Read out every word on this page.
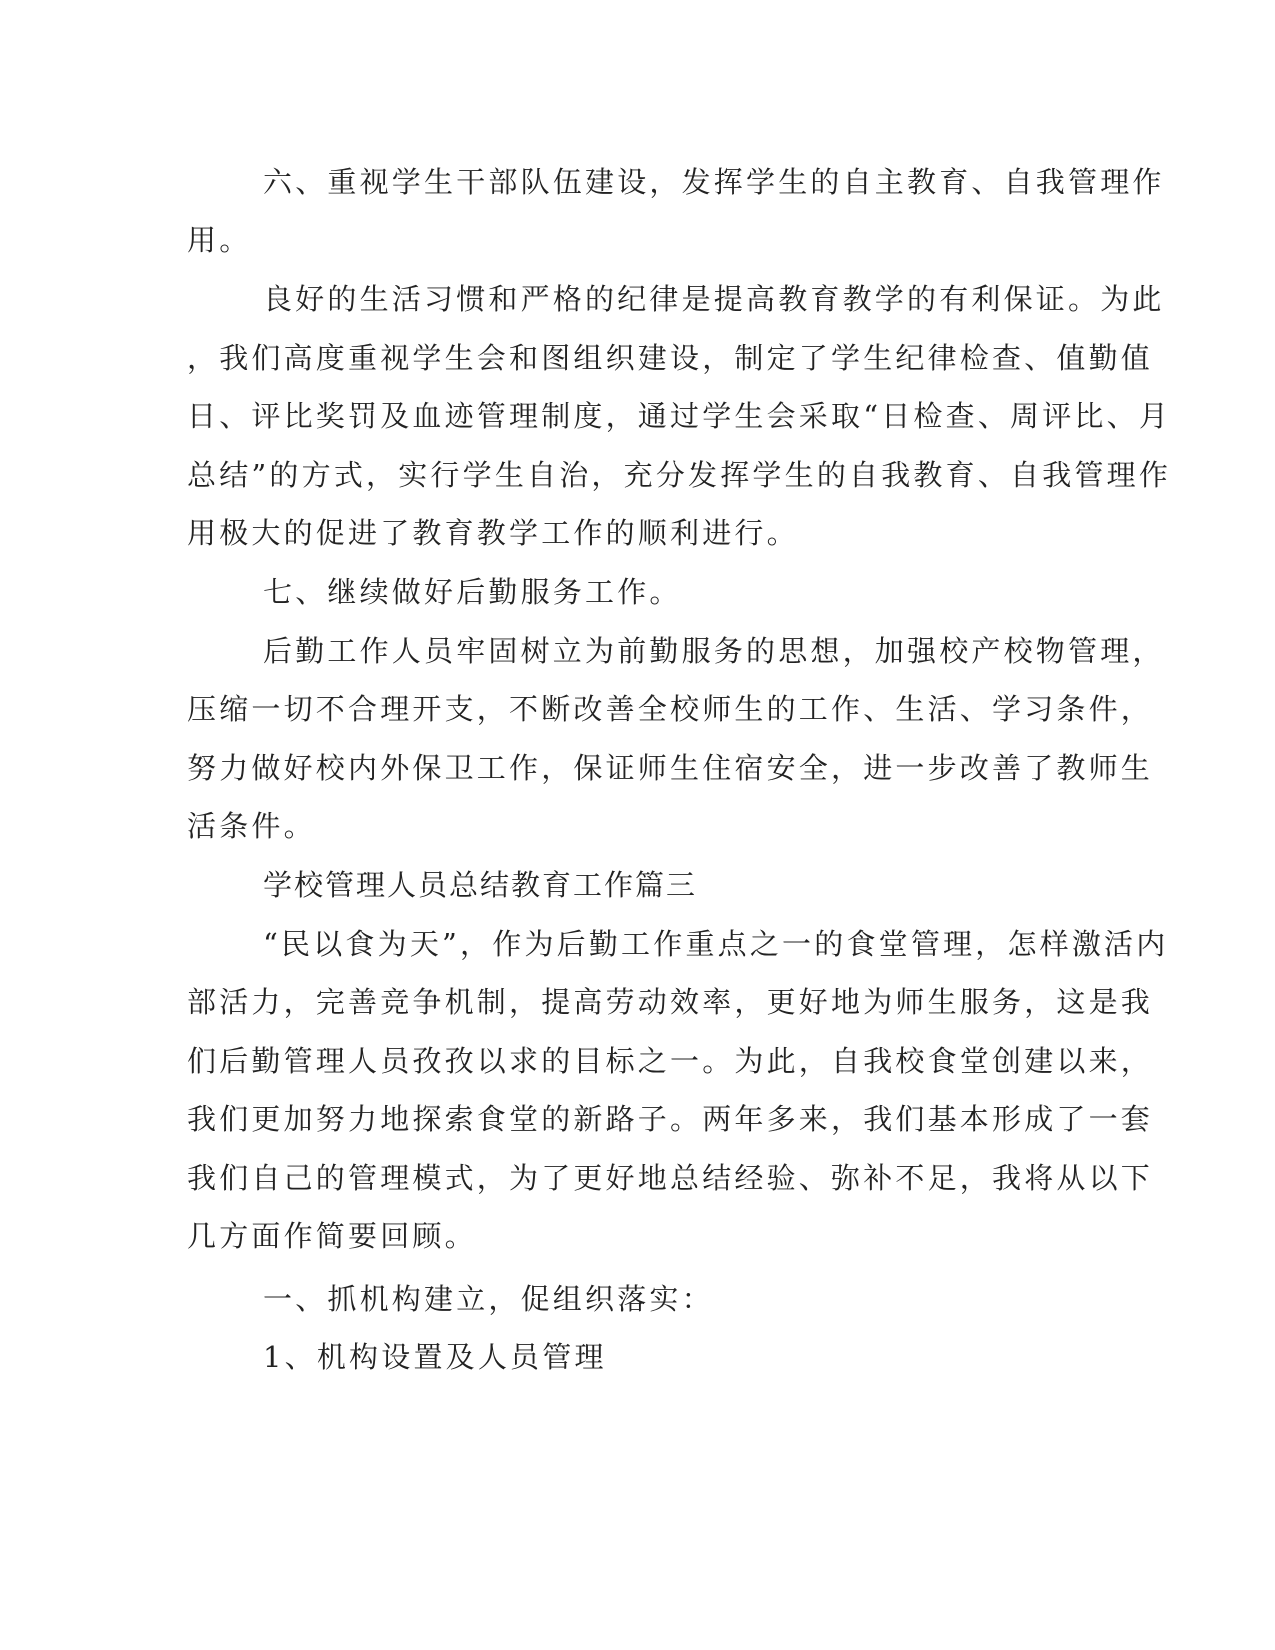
六、重视学生干部队伍建设，发挥学生的自主教育、自我管理作
用。
良好的生活习惯和严格的纪律是提高教育教学的有利保证。为此
，我们高度重视学生会和图组织建设，制定了学生纪律检查、值勤值
日、评比奖罚及血迹管理制度，通过学生会采取“日检查、周评比、月
总结”的方式，实行学生自治，充分发挥学生的自我教育、自我管理作
用极大的促进了教育教学工作的顺利进行。
七、继续做好后勤服务工作。
后勤工作人员牢固树立为前勤服务的思想，加强校产校物管理，
压缩一切不合理开支，不断改善全校师生的工作、生活、学习条件，
努力做好校内外保卫工作，保证师生住宿安全，进一步改善了教师生
活条件。
学校管理人员总结教育工作篇三
“民以食为天”，作为后勤工作重点之一的食堂管理，怎样激活内
部活力，完善竞争机制，提高劳动效率，更好地为师生服务，这是我
们后勤管理人员孜孜以求的目标之一。为此，自我校食堂创建以来，
我们更加努力地探索食堂的新路子。两年多来，我们基本形成了一套
我们自己的管理模式，为了更好地总结经验、弥补不足，我将从以下
几方面作简要回顾。
一、抓机构建立，促组织落实：
1、机构设置及人员管理
